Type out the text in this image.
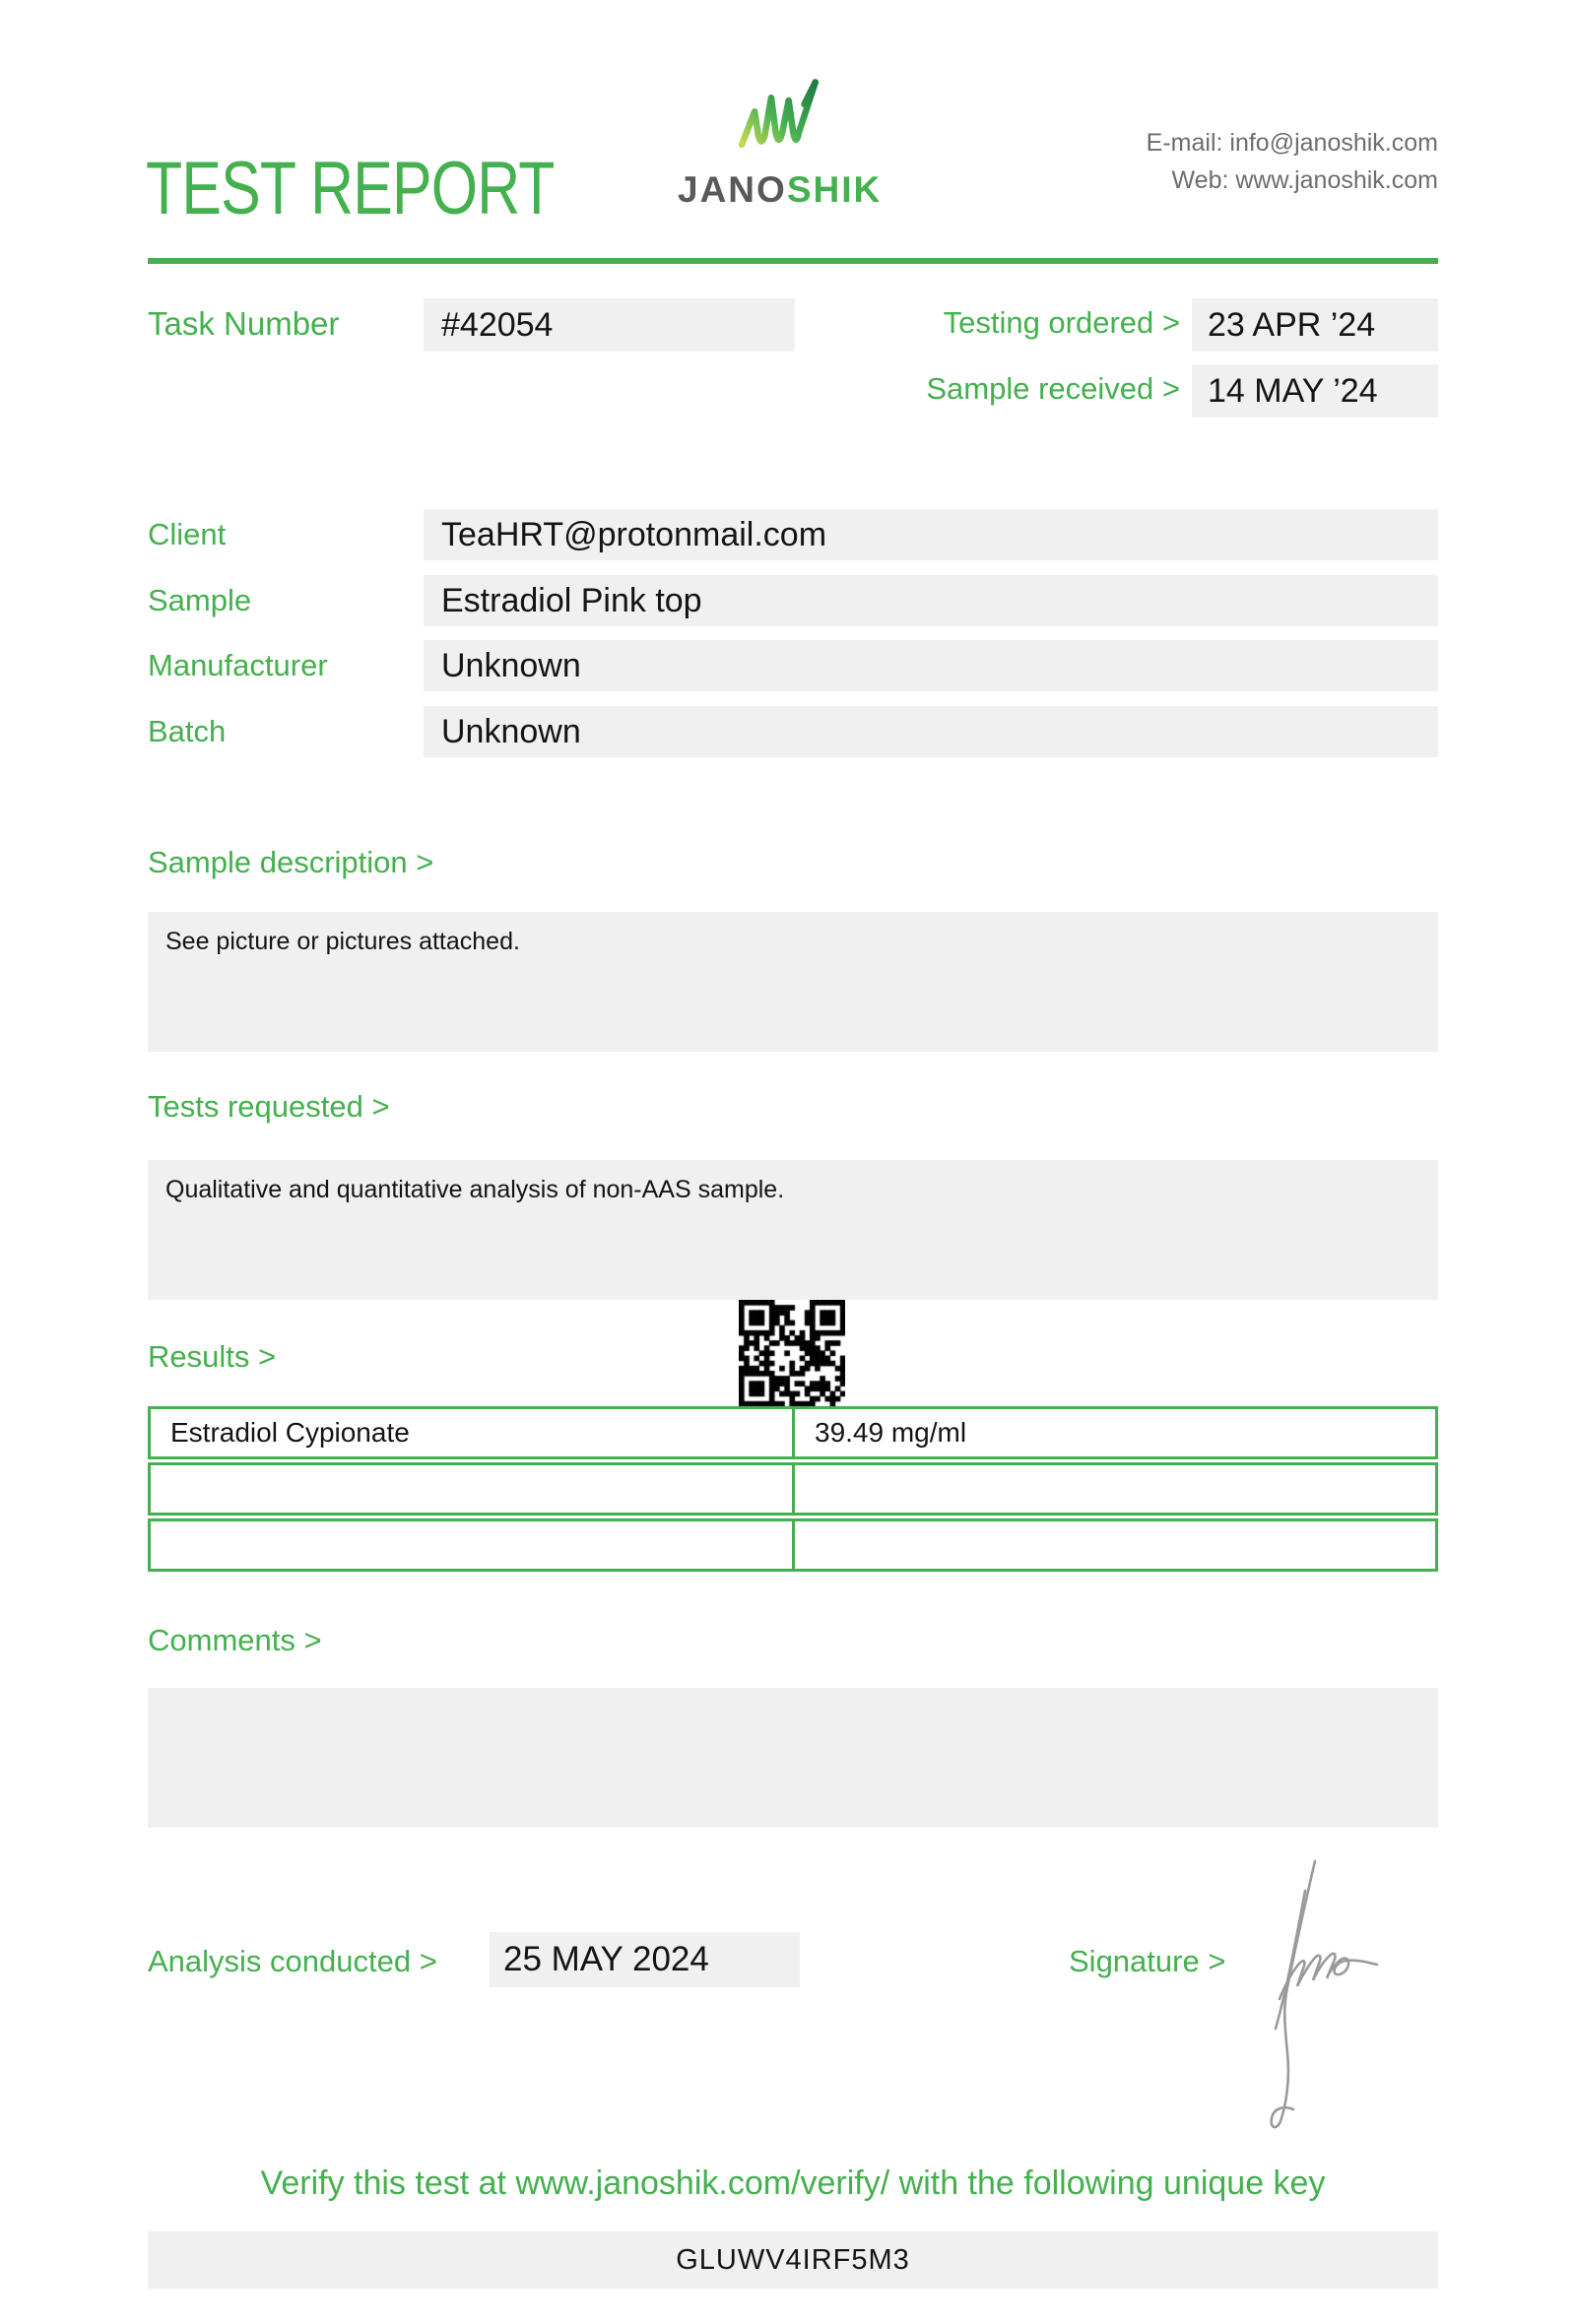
TEST REPORT	JANOSHIK
E-mail: info@janoshik.com
Web: www.janoshik.com
Task Number	#42054	Testing ordered > 23 APR ’24
Sample received > 14 MAY ’24
Client	TeaHRT@protonmail.com
Sample	Estradiol Pink top
Manufacturer	Unknown
Batch	Unknown
Sample description >
See picture or pictures attached.
Tests requested >
Qualitative and quantitative analysis of non-AAS sample.
Results >
Estradiol Cypionate	39.49 mg/ml
Comments >
Analysis conducted >	25 MAY 2024	Signature >
Verify this test at www.janoshik.com/verify/ with the following unique key
GLUWV4IRF5M3
